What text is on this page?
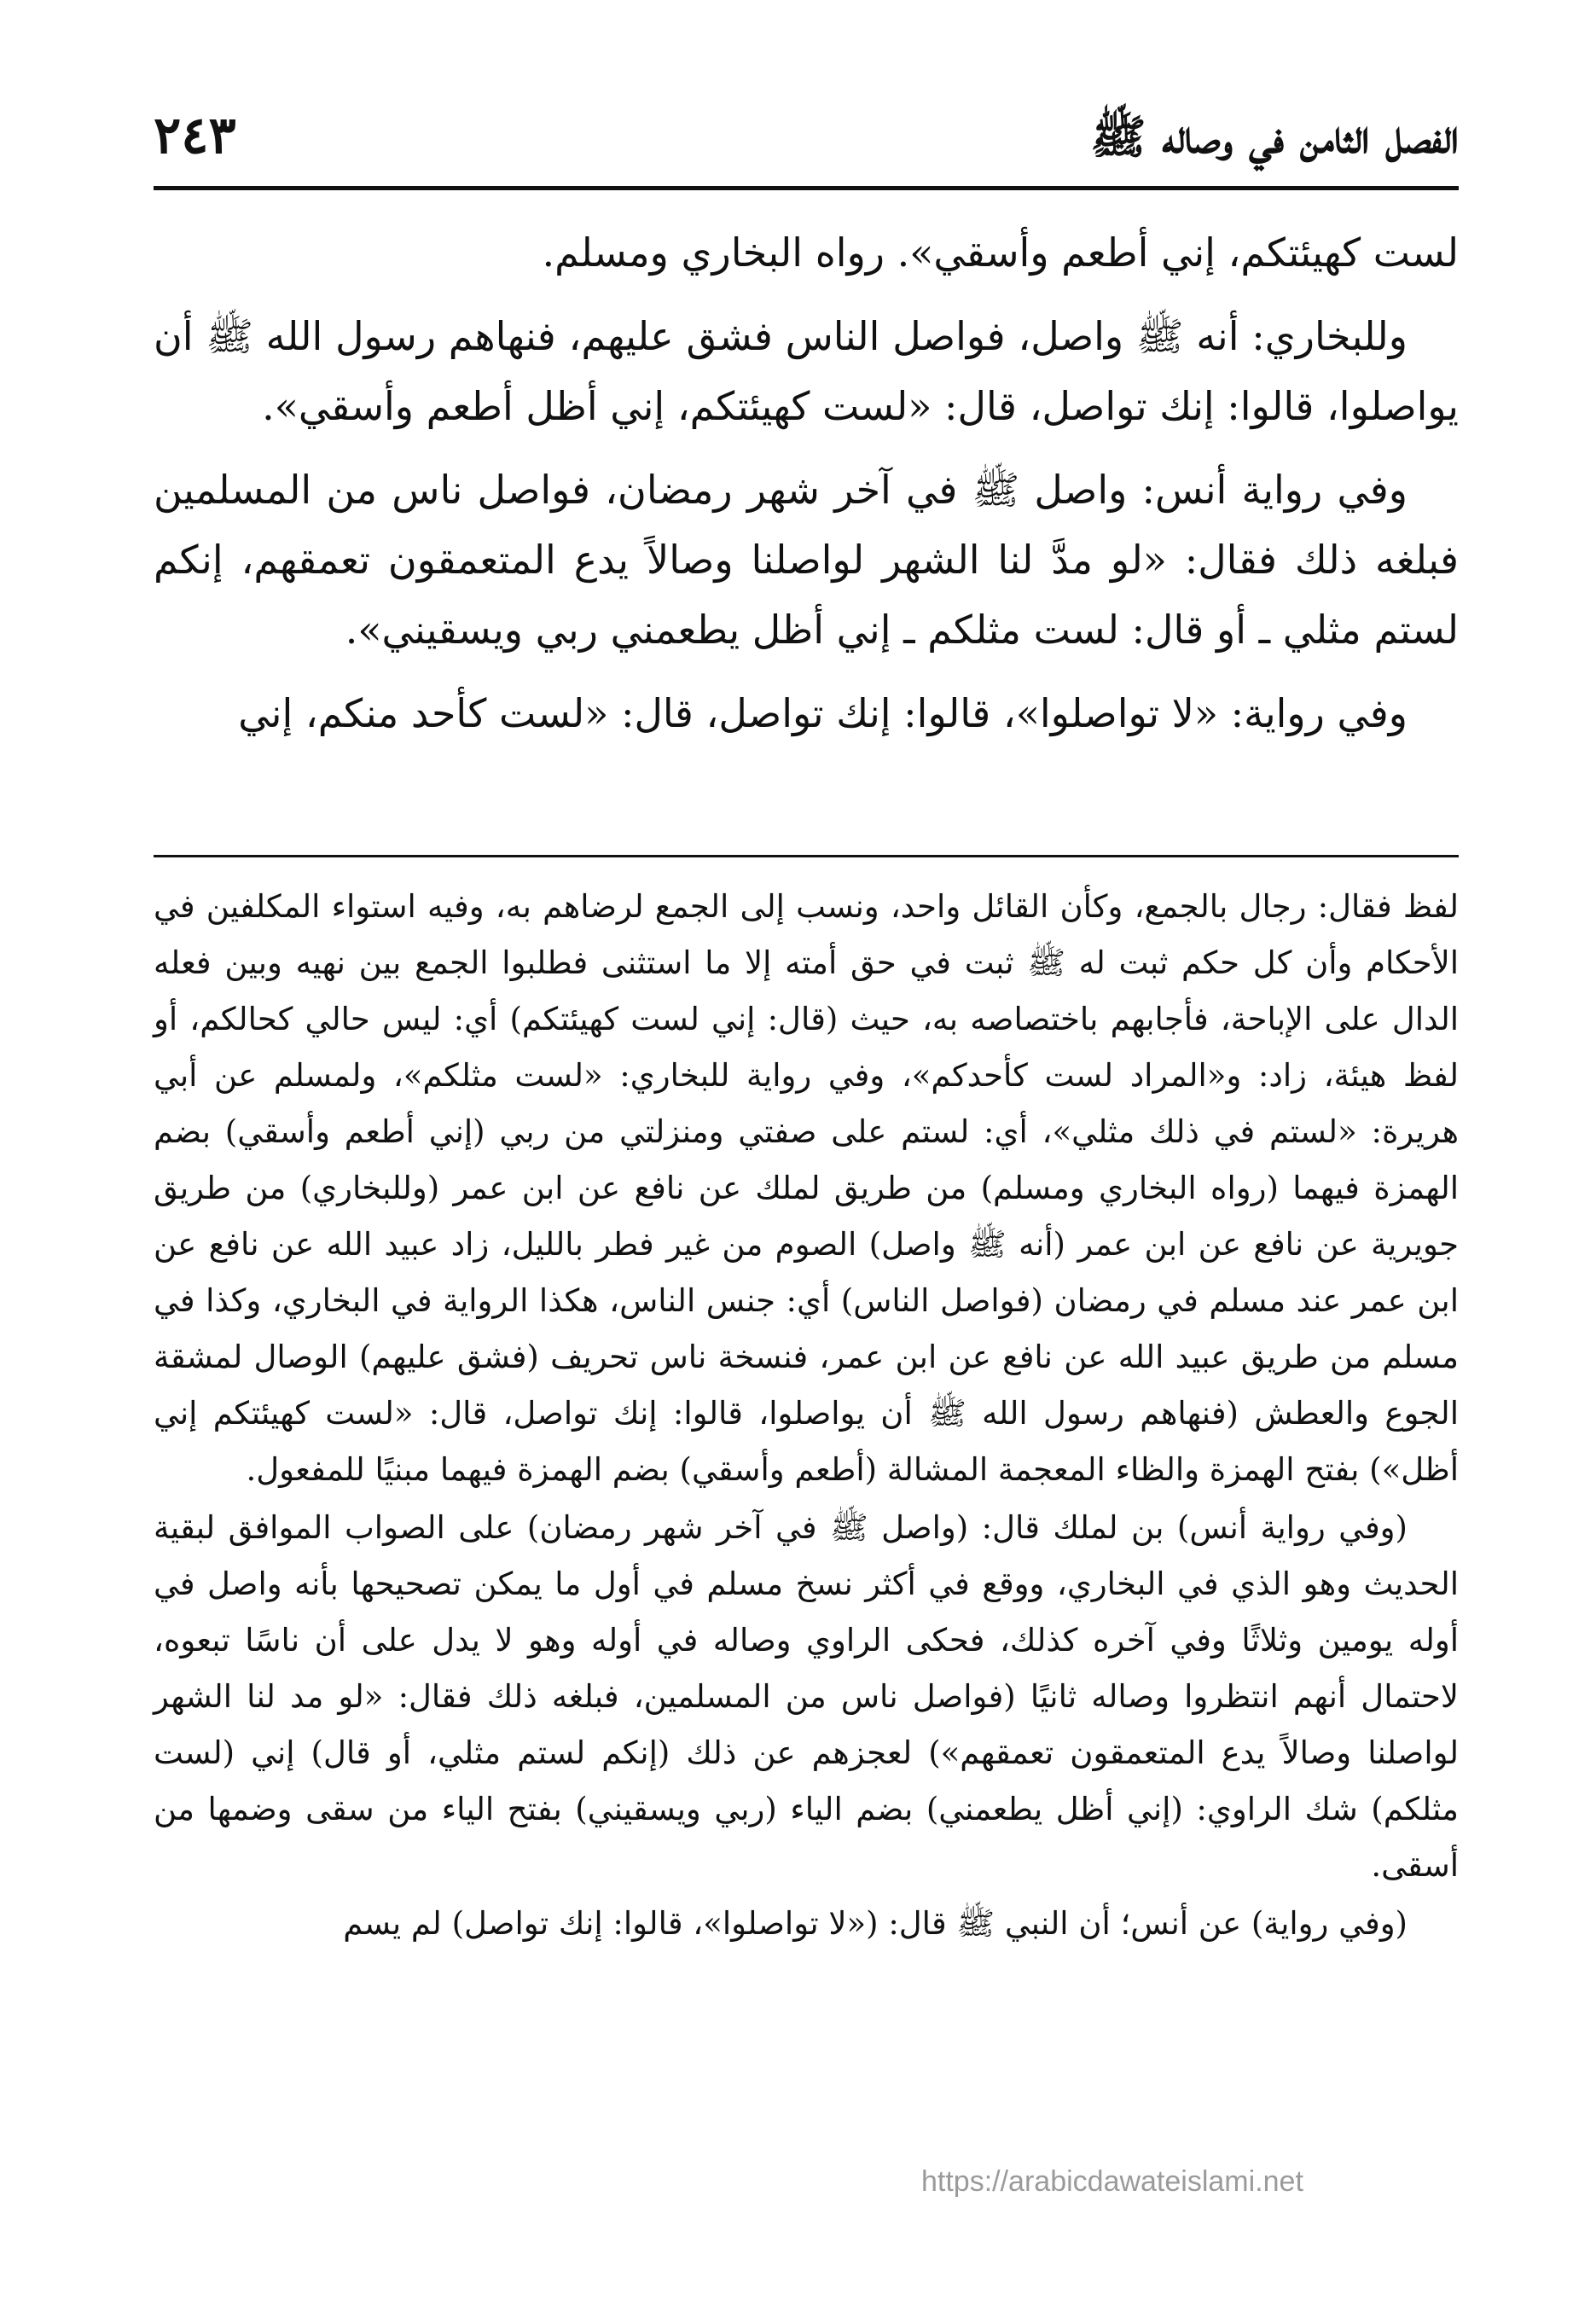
الفصل الثامن في وصاله ﷺ
٢٤٣

لست كهيئتكم، إني أطعم وأسقي». رواه البخاري ومسلم.

وللبخاري: أنه ﷺ واصل، فواصل الناس فشق عليهم، فنهاهم رسول الله ﷺ أن يواصلوا، قالوا: إنك تواصل، قال: «لست كهيئتكم، إني أظل أطعم وأسقي».

وفي رواية أنس: واصل ﷺ في آخر شهر رمضان، فواصل ناس من المسلمين فبلغه ذلك فقال: «لو مدَّ لنا الشهر لواصلنا وصالاً يدع المتعمقون تعمقهم، إنكم لستم مثلي ـ أو قال: لست مثلكم ـ إني أظل يطعمني ربي ويسقيني».

وفي رواية: «لا تواصلوا»، قالوا: إنك تواصل، قال: «لست كأحد منكم، إني

لفظ فقال: رجال بالجمع، وكأن القائل واحد، ونسب إلى الجمع لرضاهم به، وفيه استواء المكلفين في الأحكام وأن كل حكم ثبت له ﷺ ثبت في حق أمته إلا ما استثنى فطلبوا الجمع بين نهيه وبين فعله الدال على الإباحة، فأجابهم باختصاصه به، حيث (قال: إني لست كهيئتكم) أي: ليس حالي كحالكم، أو لفظ هيئة، زاد: و«المراد لست كأحدكم»، وفي رواية للبخاري: «لست مثلكم»، ولمسلم عن أبي هريرة: «لستم في ذلك مثلي»، أي: لستم على صفتي ومنزلتي من ربي (إني أطعم وأسقي) بضم الهمزة فيهما (رواه البخاري ومسلم) من طريق لملك عن نافع عن ابن عمر (وللبخاري) من طريق جويرية عن نافع عن ابن عمر (أنه ﷺ واصل) الصوم من غير فطر بالليل، زاد عبيد الله عن نافع عن ابن عمر عند مسلم في رمضان (فواصل الناس) أي: جنس الناس، هكذا الرواية في البخاري، وكذا في مسلم من طريق عبيد الله عن نافع عن ابن عمر، فنسخة ناس تحريف (فشق عليهم) الوصال لمشقة الجوع والعطش (فنهاهم رسول الله ﷺ أن يواصلوا، قالوا: إنك تواصل، قال: «لست كهيئتكم إني أظل») بفتح الهمزة والظاء المعجمة المشالة (أطعم وأسقي) بضم الهمزة فيهما مبنيًا للمفعول.

(وفي رواية أنس) بن لملك قال: (واصل ﷺ في آخر شهر رمضان) على الصواب الموافق لبقية الحديث وهو الذي في البخاري، ووقع في أكثر نسخ مسلم في أول ما يمكن تصحيحها بأنه واصل في أوله يومين وثلاثًا وفي آخره كذلك، فحكى الراوي وصاله في أوله وهو لا يدل على أن ناسًا تبعوه، لاحتمال أنهم انتظروا وصاله ثانيًا (فواصل ناس من المسلمين، فبلغه ذلك فقال: «لو مد لنا الشهر لواصلنا وصالاً يدع المتعمقون تعمقهم») لعجزهم عن ذلك (إنكم لستم مثلي، أو قال) إني (لست مثلكم) شك الراوي: (إني أظل يطعمني) بضم الياء (ربي ويسقيني) بفتح الياء من سقى وضمها من أسقى.

(وفي رواية) عن أنس؛ أن النبي ﷺ قال: («لا تواصلوا»، قالوا: إنك تواصل) لم يسم

https://arabicdawateislami.net
